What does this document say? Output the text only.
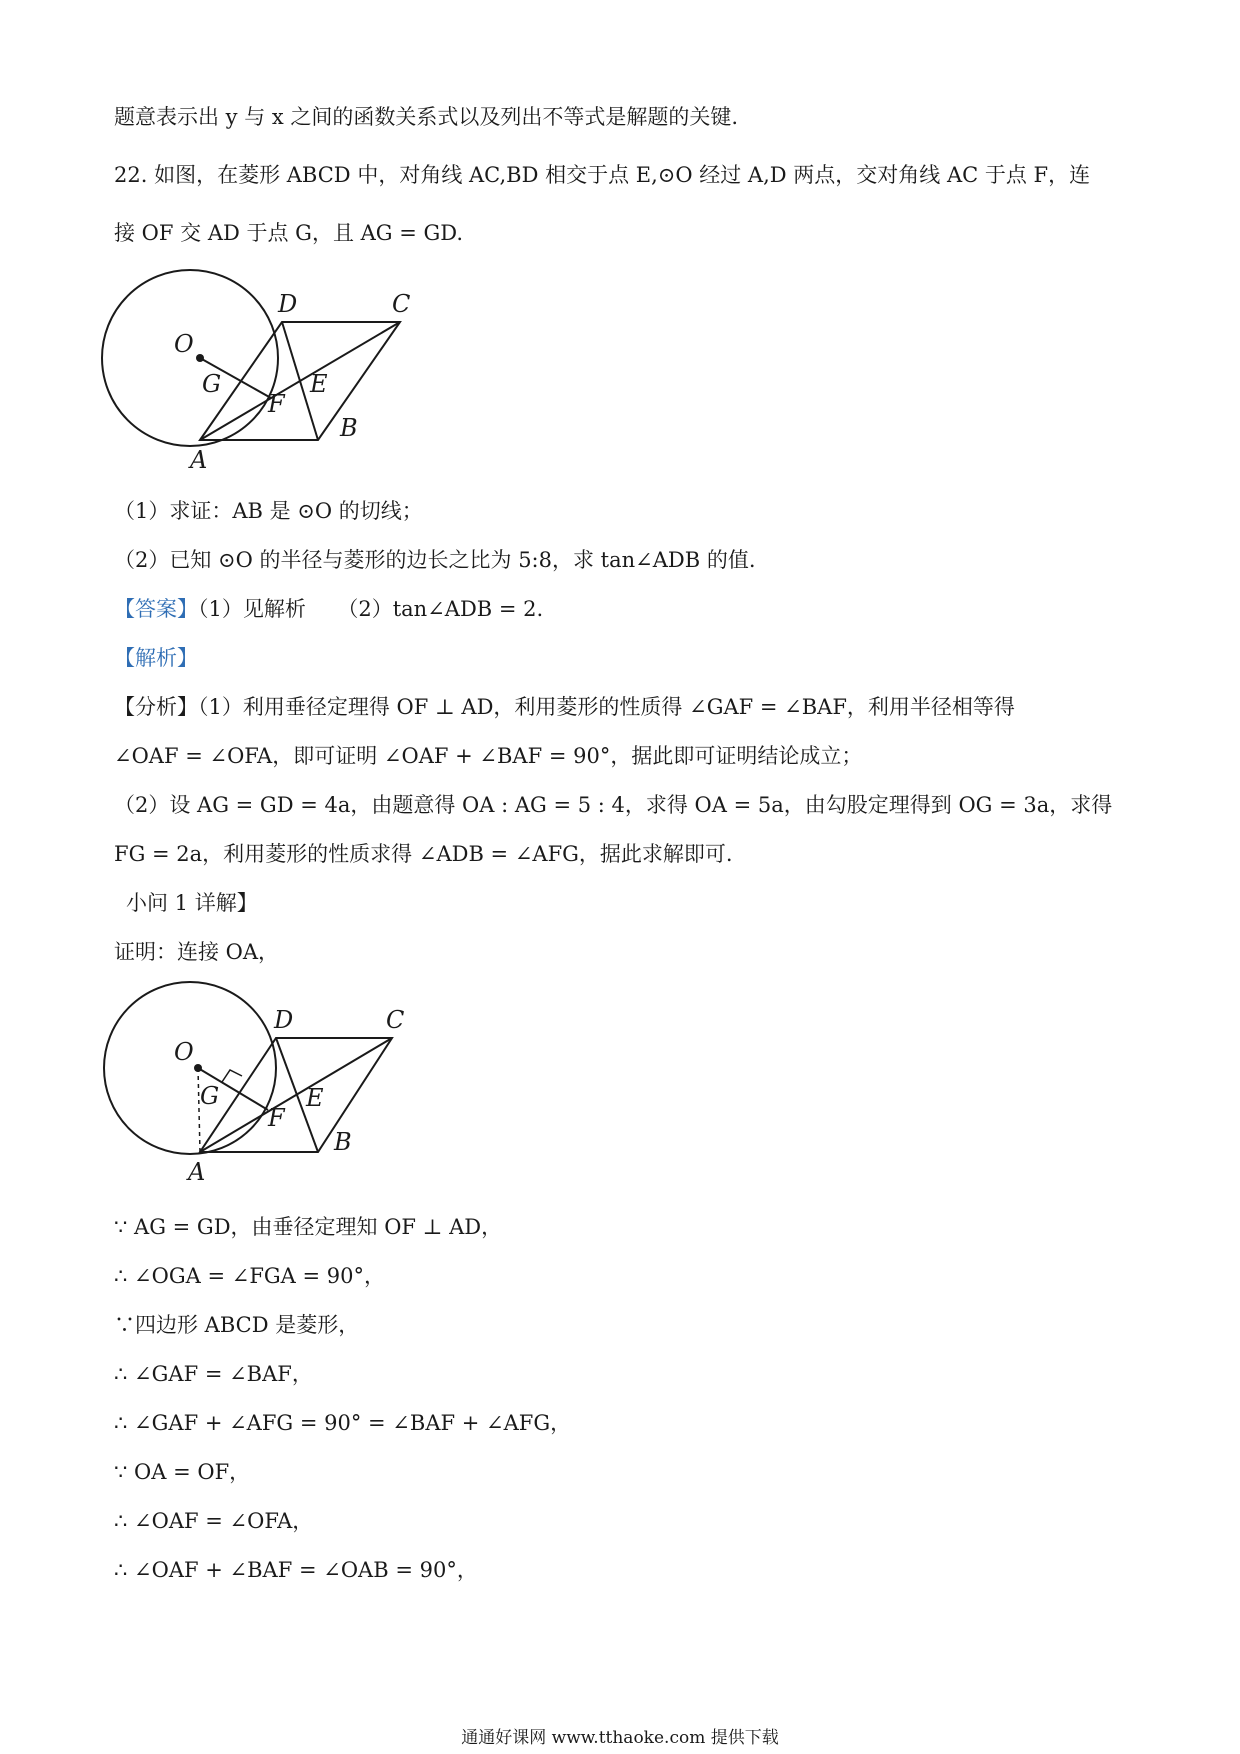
题意表示出 y 与 x 之间的函数关系式以及列出不等式是解题的关键.
22. 如图，在菱形 ABCD 中，对角线 AC,BD 相交于点 E,⊙O 经过 A,D 两点，交对角线 AC 于点 F，连
接 OF 交 AD 于点 G，且 AG = GD.
O
G
F
E
D	C
B
A
（1）求证：AB 是 ⊙O 的切线；
（2）已知 ⊙O 的半径与菱形的边长之比为 5:8，求 tan∠ADB 的值.
【答案】（1）见解析　　（2）tan∠ADB = 2.
【解析】
【分析】（1）利用垂径定理得 OF ⊥ AD，利用菱形的性质得 ∠GAF = ∠BAF，利用半径相等得
∠OAF = ∠OFA，即可证明 ∠OAF + ∠BAF = 90°，据此即可证明结论成立；
（2）设 AG = GD = 4a，由题意得 OA : AG = 5 : 4，求得 OA = 5a，由勾股定理得到 OG = 3a，求得
FG = 2a，利用菱形的性质求得 ∠ADB = ∠AFG，据此求解即可.
小问 1 详解】
证明：连接 OA，
O
G
F
E
D	C
B
A
∵ AG = GD，由垂径定理知 OF ⊥ AD，
∴ ∠OGA = ∠FGA = 90°，
∵四边形 ABCD 是菱形，
∴ ∠GAF = ∠BAF，
∴ ∠GAF + ∠AFG = 90° = ∠BAF + ∠AFG，
∵ OA = OF，
∴ ∠OAF = ∠OFA，
∴ ∠OAF + ∠BAF = ∠OAB = 90°，
通通好课网 www.tthaoke.com 提供下载
